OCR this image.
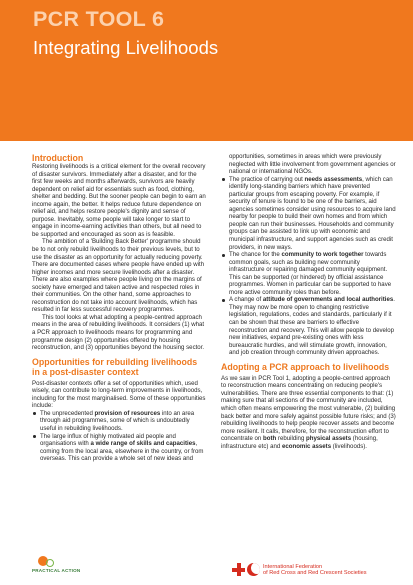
PCR TOOL 6
Integrating Livelihoods
Introduction

Restoring livelihoods is a critical element for the overall recovery of disaster survivors. Immediately after a disaster, and for the first few weeks and months afterwards, survivors are heavily dependent on relief aid for essentials such as food, clothing, shelter and bedding. But the sooner people can begin to earn an income again, the better. It helps reduce future dependence on relief aid, and helps restore people's dignity and sense of purpose. Inevitably, some people will take longer to start to engage in income-earning activities than others, but all need to be supported and encouraged as soon as is feasible.

The ambition of a 'Building Back Better' programme should be to not only rebuild livelihoods to their previous levels, but to use the disaster as an opportunity for actually reducing poverty. There are documented cases where people have ended up with higher incomes and more secure livelihoods after a disaster. There are also examples where people living on the margins of society have emerged and taken active and respected roles in their communities. On the other hand, some approaches to reconstruction do not take into account livelihoods, which has resulted in far less successful recovery programmes.

This tool looks at what adopting a people-centred approach means in the area of rebuilding livelihoods. It considers (1) what a PCR approach to livelihoods means for programming and programme design (2) opportunities offered by housing reconstruction, and (3) opportunities beyond the housing sector.

Opportunities for rebuilding livelihoods in a post-disaster context

Post-disaster contexts offer a set of opportunities which, used wisely, can contribute to long-term improvements in livelihoods, including for the most marginalised. Some of these opportunities include:

The unprecedented provision of resources into an area through aid programmes, some of which is undoubtedly useful in rebuilding livelihoods.
The large influx of highly motivated aid people and organisations with a wide range of skills and capacities, coming from the local area, elsewhere in the country, or from overseas. This can provide a whole set of new ideas and

opportunities, sometimes in areas which were previously neglected with little involvement from government agencies or national or international NGOs.

The practice of carrying out needs assessments, which can identify long-standing barriers which have prevented particular groups from escaping poverty. For example, if security of tenure is found to be one of the barriers, aid agencies sometimes consider using resources to acquire land nearby for people to build their own homes and from which people can run their businesses. Households and community groups can be assisted to link up with economic and municipal infrastructure, and support agencies such as credit providers, in new ways.
The chance for the community to work together towards common goals, such as building new community infrastructure or repairing damaged community equipment. This can be supported (or hindered) by official assistance programmes. Women in particular can be supported to have more active community roles than before.
A change of attitude of governments and local authorities. They may now be more open to changing restrictive legislation, regulations, codes and standards, particularly if it can be shown that these are barriers to effective reconstruction and recovery. This will allow people to develop new initiatives, expand pre-existing ones with less bureaucratic hurdles, and will stimulate growth, innovation, and job creation through community driven approaches.
Adopting a PCR approach to livelihoods

As we saw in PCR Tool 1, adopting a people-centred approach to reconstruction means concentrating on reducing people's vulnerabilities. There are three essential components to that: (1) making sure that all sections of the community are included, which often means empowering the most vulnerable, (2) building back better and more safely against possible future risks; and (3) rebuilding livelihoods to help people recover assets and become more resilient. It calls, therefore, for the reconstruction effort to concentrate on both rebuilding physical assets (housing, infrastructure etc) and economic assets (livelihoods).

PRACTICAL ACTION
International Federation
of Red Cross and Red Crescent Societies
